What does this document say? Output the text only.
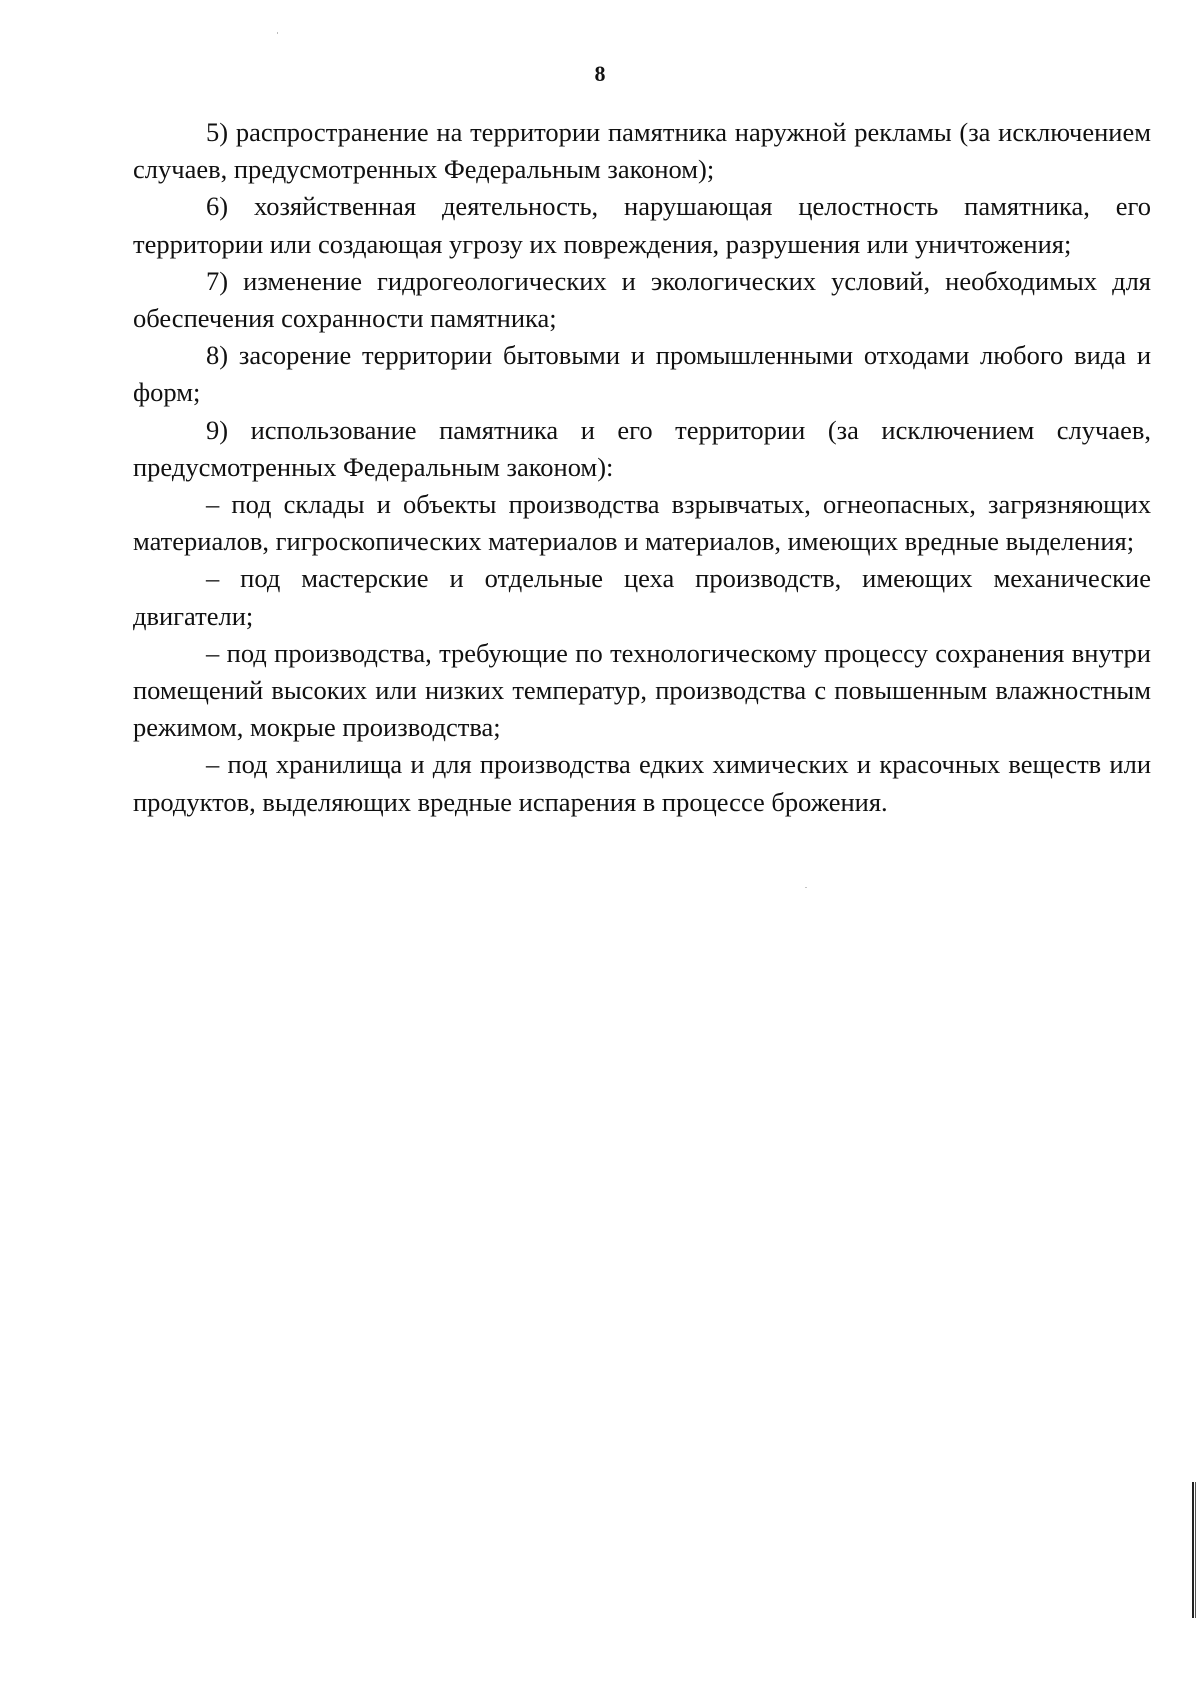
8

5) распространение на территории памятника наружной рекламы (за исключением случаев, предусмотренных Федеральным законом);

6) хозяйственная деятельность, нарушающая целостность памятника, его территории или создающая угрозу их повреждения, разрушения или уничтожения;

7) изменение гидрогеологических и экологических условий, необходимых для обеспечения сохранности памятника;

8) засорение территории бытовыми и промышленными отходами любого вида и форм;

9) использование памятника и его территории (за исключением случаев, предусмотренных Федеральным законом):

– под склады и объекты производства взрывчатых, огнеопасных, загрязняющих материалов, гигроскопических материалов и материалов, имеющих вредные выделения;

– под мастерские и отдельные цеха производств, имеющих механические двигатели;

– под производства, требующие по технологическому процессу сохранения внутри помещений высоких или низких температур, производства с повышенным влажностным режимом, мокрые производства;

– под хранилища и для производства едких химических и красочных веществ или продуктов, выделяющих вредные испарения в процессе брожения.
